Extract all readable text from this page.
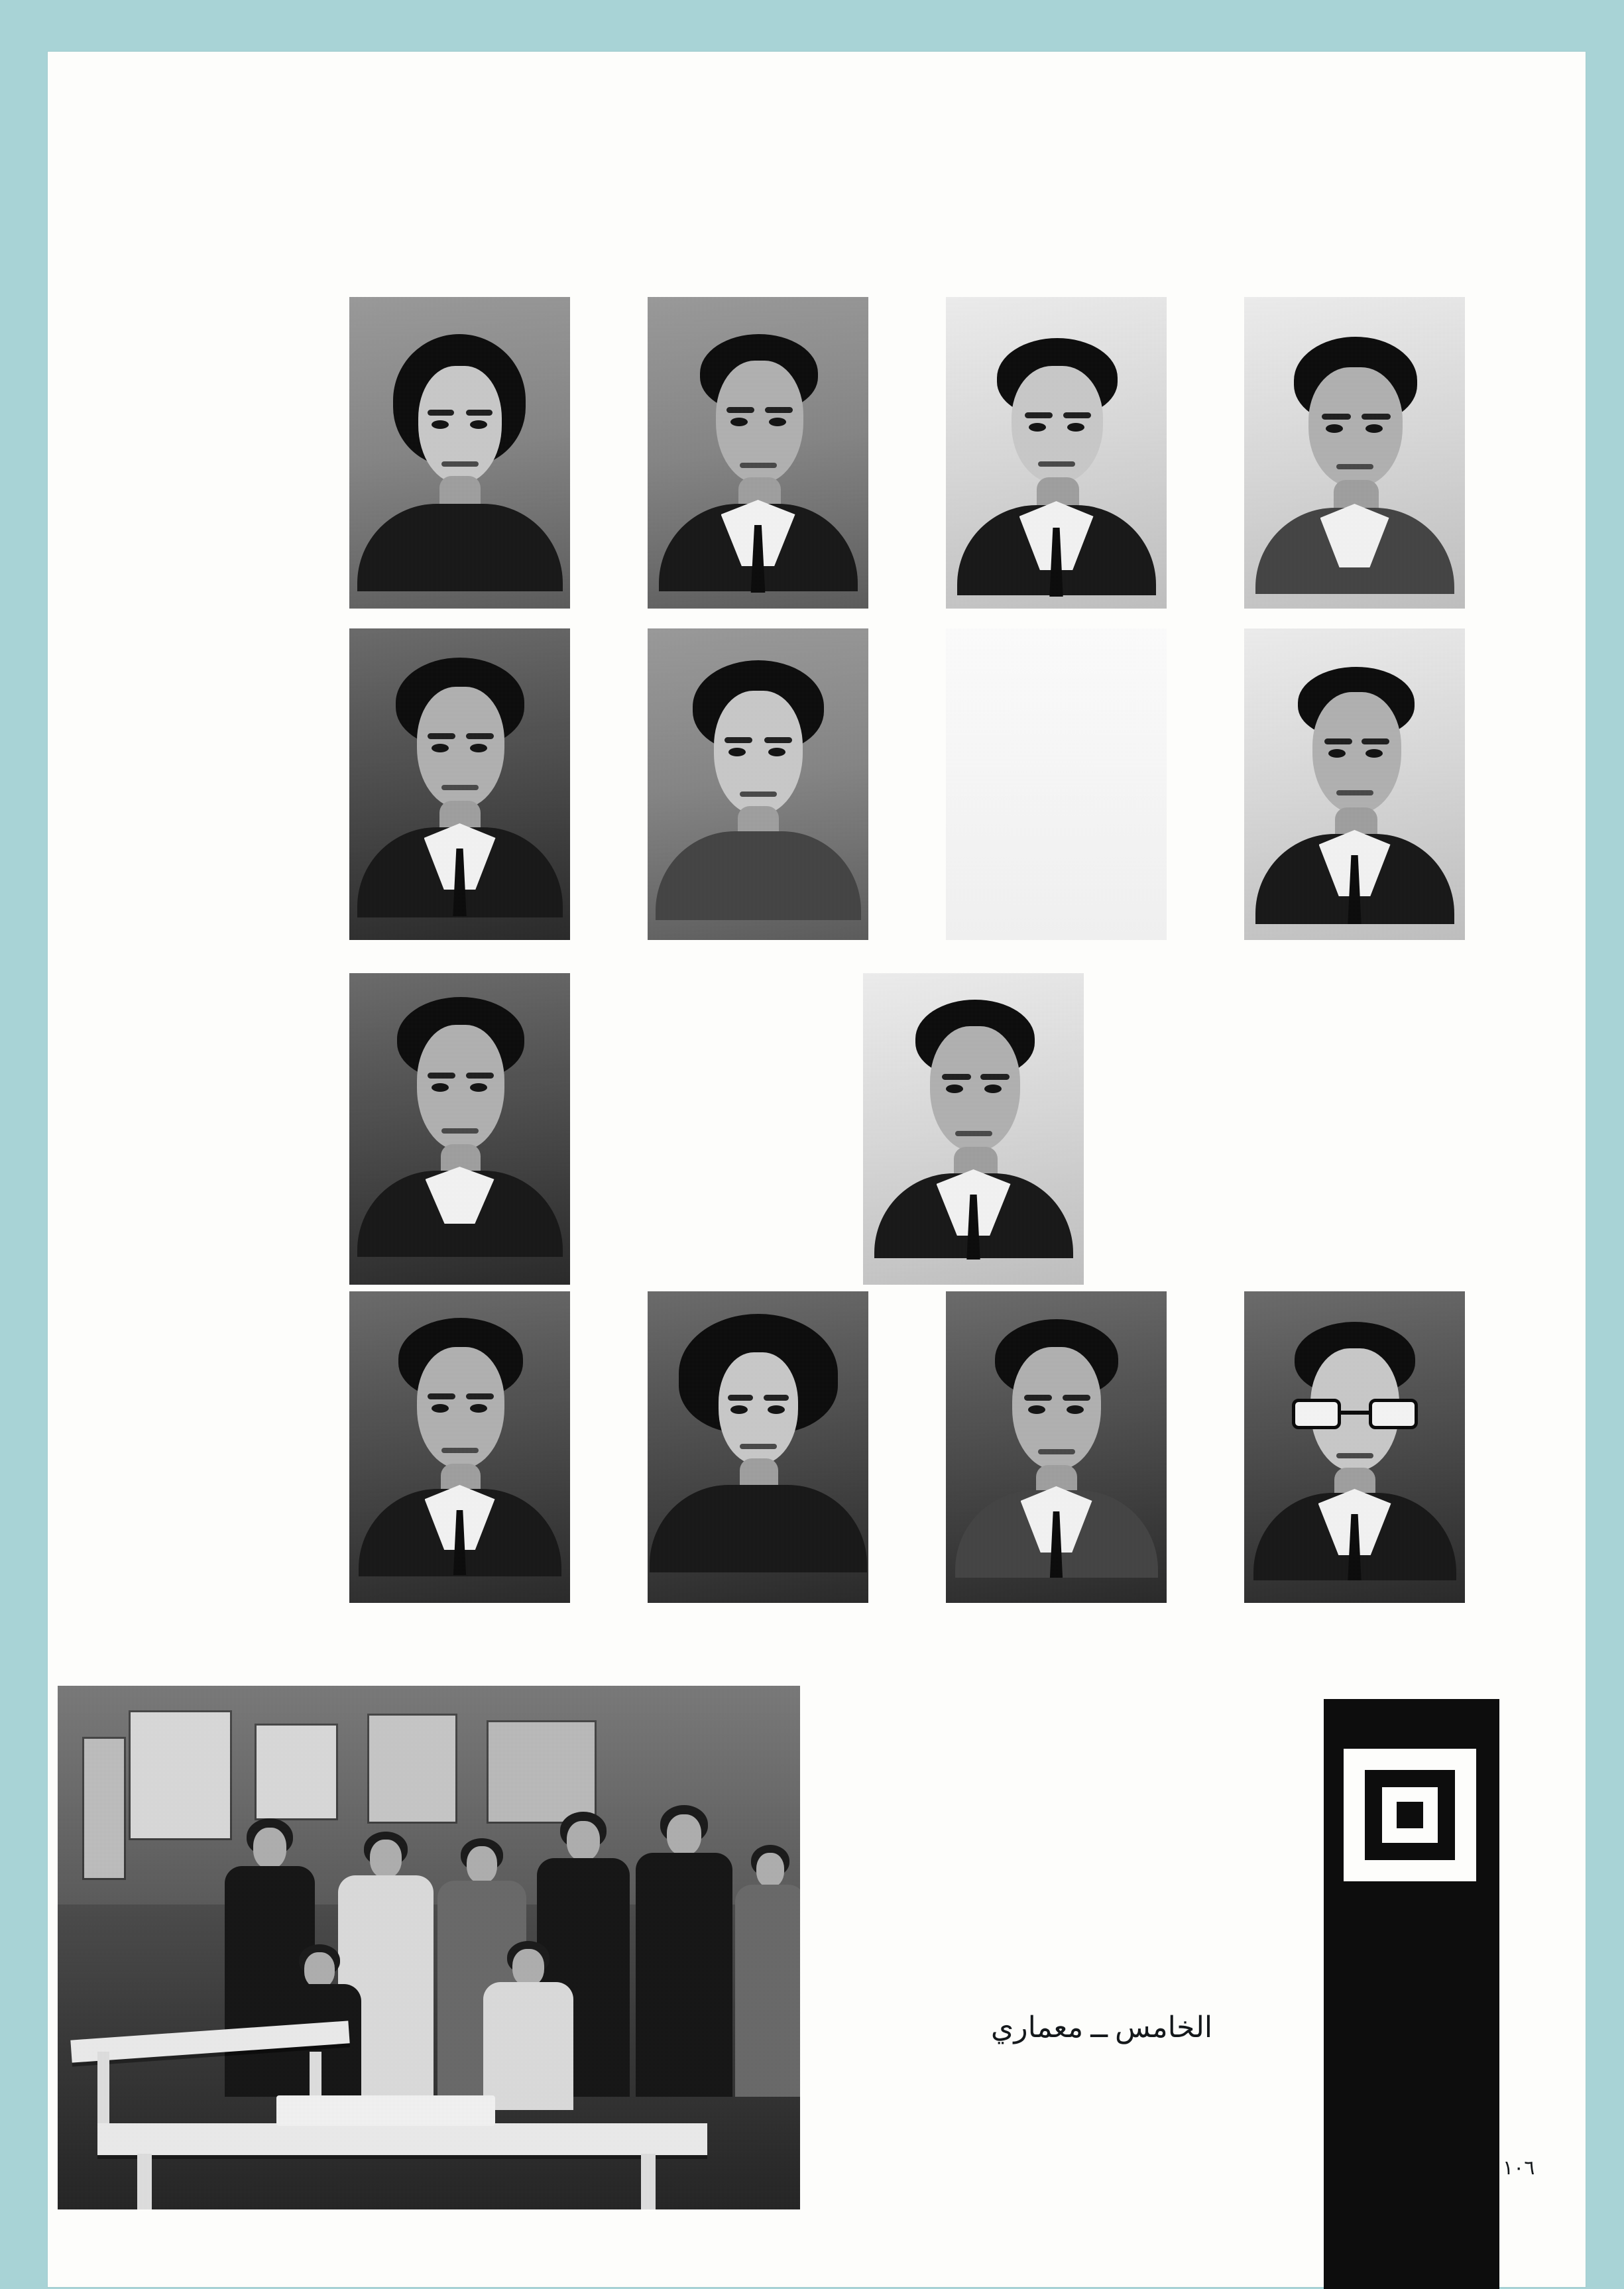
الخامس ــ معماري
١٠٦
